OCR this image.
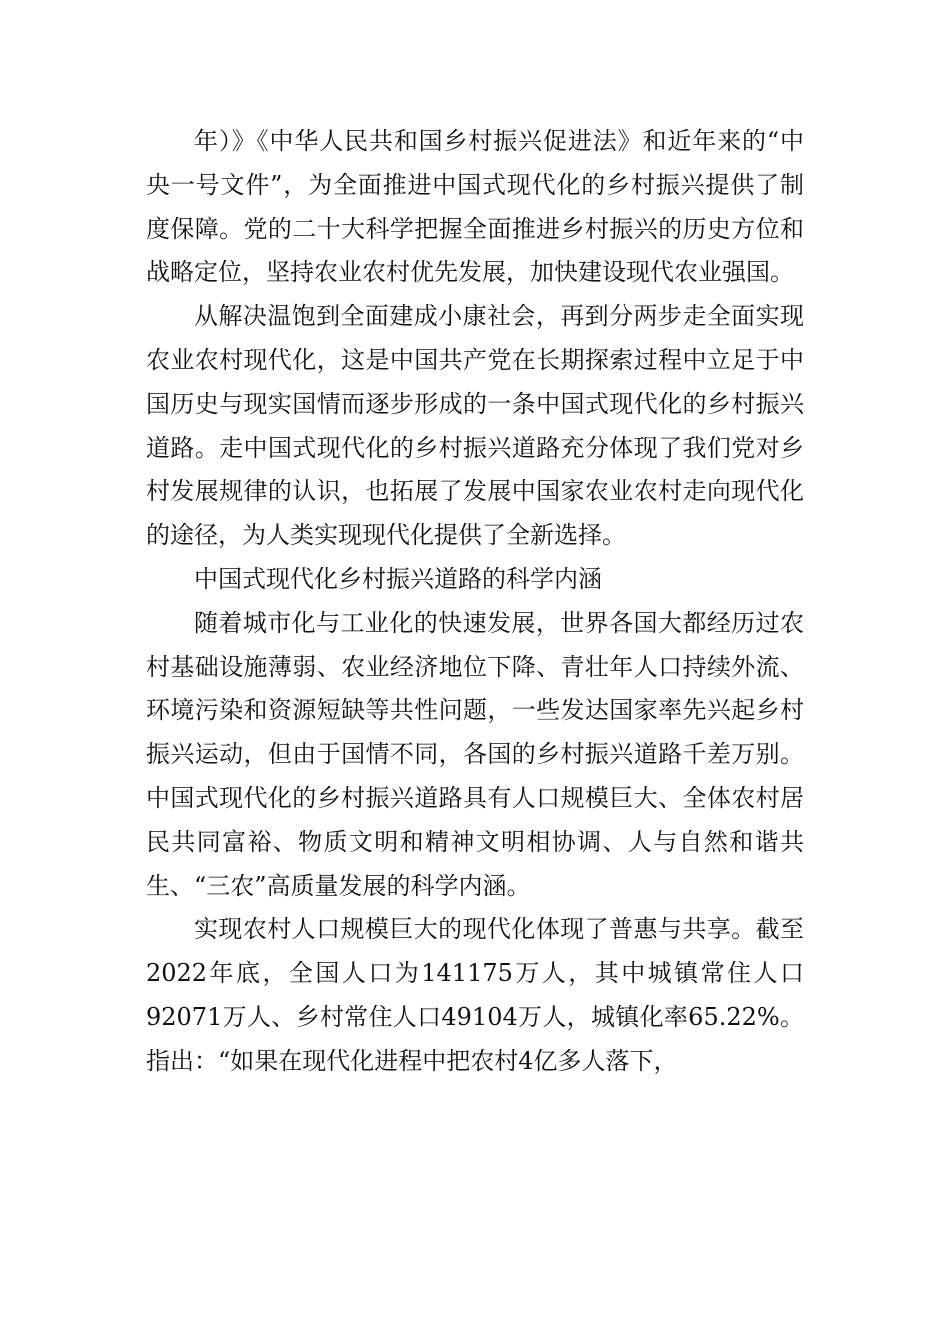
年）》《中华人民共和国乡村振兴促进法》和近年来的“中央一号文件”，为全面推进中国式现代化的乡村振兴提供了制度保障。党的二十大科学把握全面推进乡村振兴的历史方位和战略定位，坚持农业农村优先发展，加快建设现代农业强国。

从解决温饱到全面建成小康社会，再到分两步走全面实现农业农村现代化，这是中国共产党在长期探索过程中立足于中国历史与现实国情而逐步形成的一条中国式现代化的乡村振兴道路。走中国式现代化的乡村振兴道路充分体现了我们党对乡村发展规律的认识，也拓展了发展中国家农业农村走向现代化的途径，为人类实现现代化提供了全新选择。

中国式现代化乡村振兴道路的科学内涵

随着城市化与工业化的快速发展，世界各国大都经历过农村基础设施薄弱、农业经济地位下降、青壮年人口持续外流、环境污染和资源短缺等共性问题，一些发达国家率先兴起乡村振兴运动，但由于国情不同，各国的乡村振兴道路千差万别。中国式现代化的乡村振兴道路具有人口规模巨大、全体农村居民共同富裕、物质文明和精神文明相协调、人与自然和谐共生、“三农”高质量发展的科学内涵。

实现农村人口规模巨大的现代化体现了普惠与共享。截至2022年底，全国人口为141175万人，其中城镇常住人口92071万人、乡村常住人口49104万人，城镇化率65.22%。指出：“如果在现代化进程中把农村4亿多人落下，
